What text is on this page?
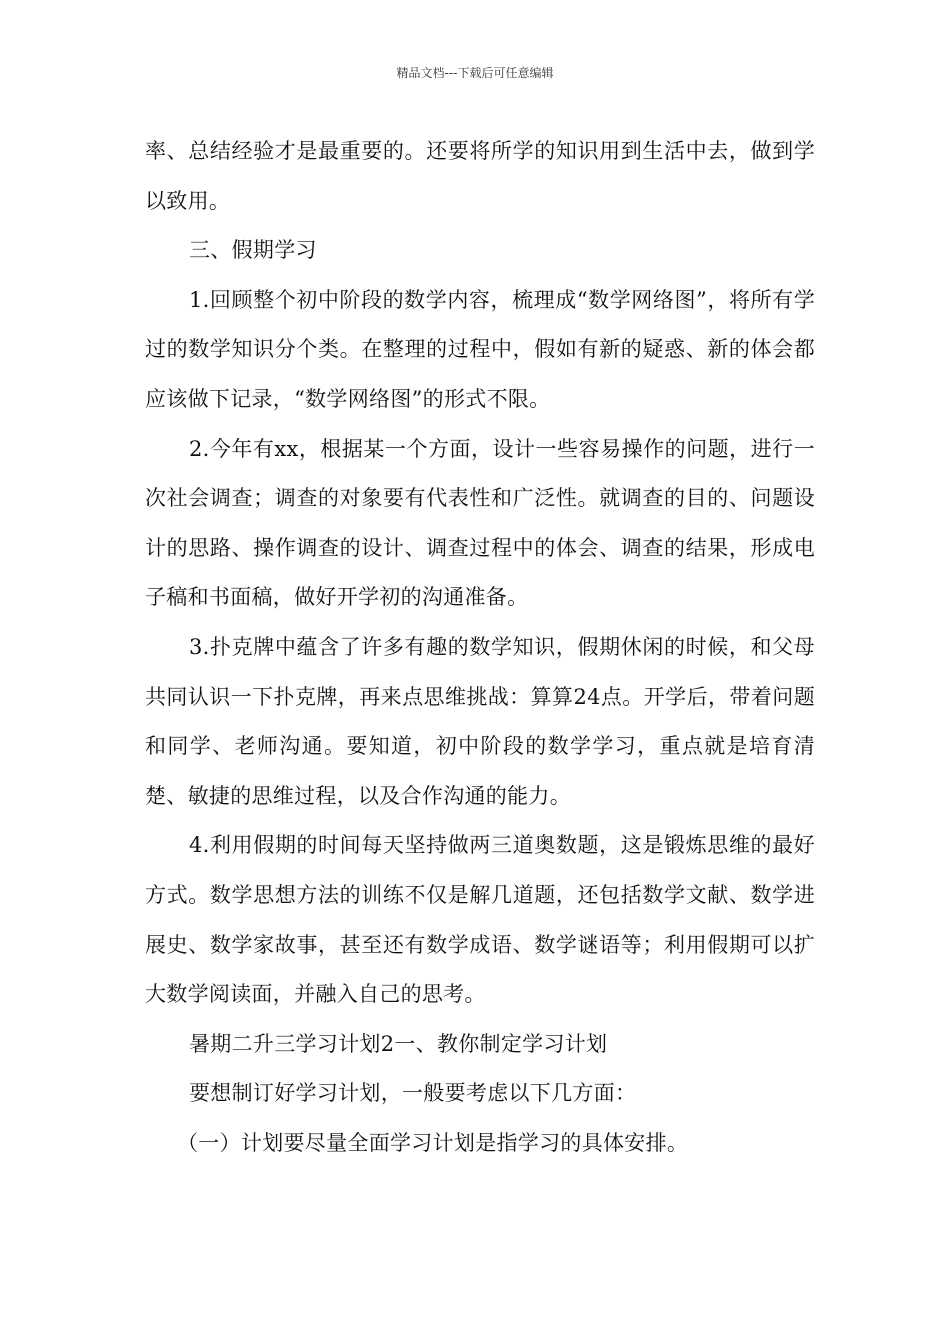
精品文档---下载后可任意编辑

率、总结经验才是最重要的。还要将所学的知识用到生活中去，做到学以致用。

三、假期学习

1.回顾整个初中阶段的数学内容，梳理成“数学网络图”，将所有学过的数学知识分个类。在整理的过程中，假如有新的疑惑、新的体会都应该做下记录，“数学网络图”的形式不限。

2.今年有xx，根据某一个方面，设计一些容易操作的问题，进行一次社会调查；调查的对象要有代表性和广泛性。就调查的目的、问题设计的思路、操作调查的设计、调查过程中的体会、调查的结果，形成电子稿和书面稿，做好开学初的沟通准备。

3.扑克牌中蕴含了许多有趣的数学知识，假期休闲的时候，和父母共同认识一下扑克牌，再来点思维挑战：算算24点。开学后，带着问题和同学、老师沟通。要知道，初中阶段的数学学习，重点就是培育清楚、敏捷的思维过程，以及合作沟通的能力。

4.利用假期的时间每天坚持做两三道奥数题，这是锻炼思维的最好方式。数学思想方法的训练不仅是解几道题，还包括数学文献、数学进展史、数学家故事，甚至还有数学成语、数学谜语等；利用假期可以扩大数学阅读面，并融入自己的思考。

暑期二升三学习计划2一、教你制定学习计划

要想制订好学习计划，一般要考虑以下几方面：

（一）计划要尽量全面学习计划是指学习的具体安排。
